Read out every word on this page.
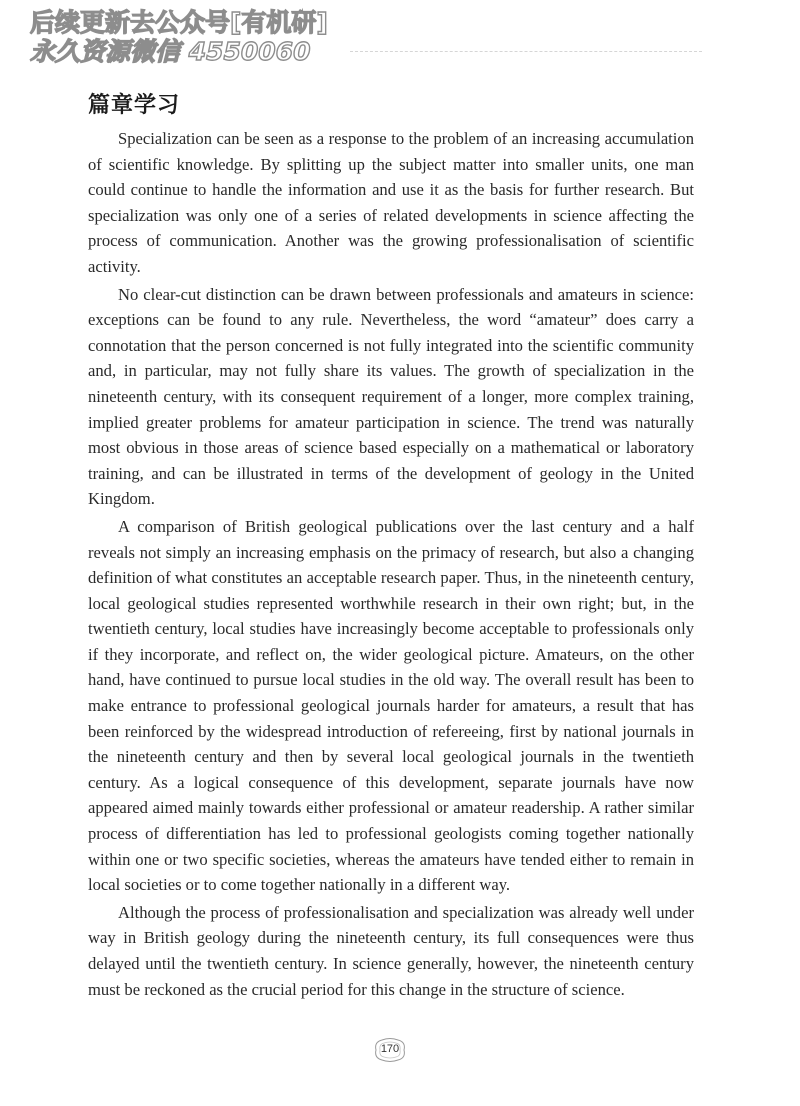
后续更新去公众号[有机研]
永久资源微信 4550060
篇章学习

Specialization can be seen as a response to the problem of an increasing accumulation of scientific knowledge. By splitting up the subject matter into smaller units, one man could continue to handle the information and use it as the basis for further research. But specialization was only one of a series of related developments in science affecting the process of communication. Another was the growing professionalisation of scientific activity.

No clear-cut distinction can be drawn between professionals and amateurs in science: exceptions can be found to any rule. Nevertheless, the word “amateur” does carry a connotation that the person concerned is not fully integrated into the scientific community and, in particular, may not fully share its values. The growth of specialization in the nineteenth century, with its consequent requirement of a longer, more complex training, implied greater problems for amateur participation in science. The trend was naturally most obvious in those areas of science based especially on a mathematical or laboratory training, and can be illustrated in terms of the development of geology in the United Kingdom.

A comparison of British geological publications over the last century and a half reveals not simply an increasing emphasis on the primacy of research, but also a changing definition of what constitutes an acceptable research paper. Thus, in the nineteenth century, local geological studies represented worthwhile research in their own right; but, in the twentieth century, local studies have increasingly become acceptable to professionals only if they incorporate, and reflect on, the wider geological picture. Amateurs, on the other hand, have continued to pursue local studies in the old way. The overall result has been to make entrance to professional geological journals harder for amateurs, a result that has been reinforced by the widespread introduction of refereeing, first by national journals in the nineteenth century and then by several local geological journals in the twentieth century. As a logical consequence of this development, separate journals have now appeared aimed mainly towards either professional or amateur readership. A rather similar process of differentiation has led to professional geologists coming together nationally within one or two specific societies, whereas the amateurs have tended either to remain in local societies or to come together nationally in a different way.

Although the process of professionalisation and specialization was already well under way in British geology during the nineteenth century, its full consequences were thus delayed until the twentieth century. In science generally, however, the nineteenth century must be reckoned as the crucial period for this change in the structure of science.

170
